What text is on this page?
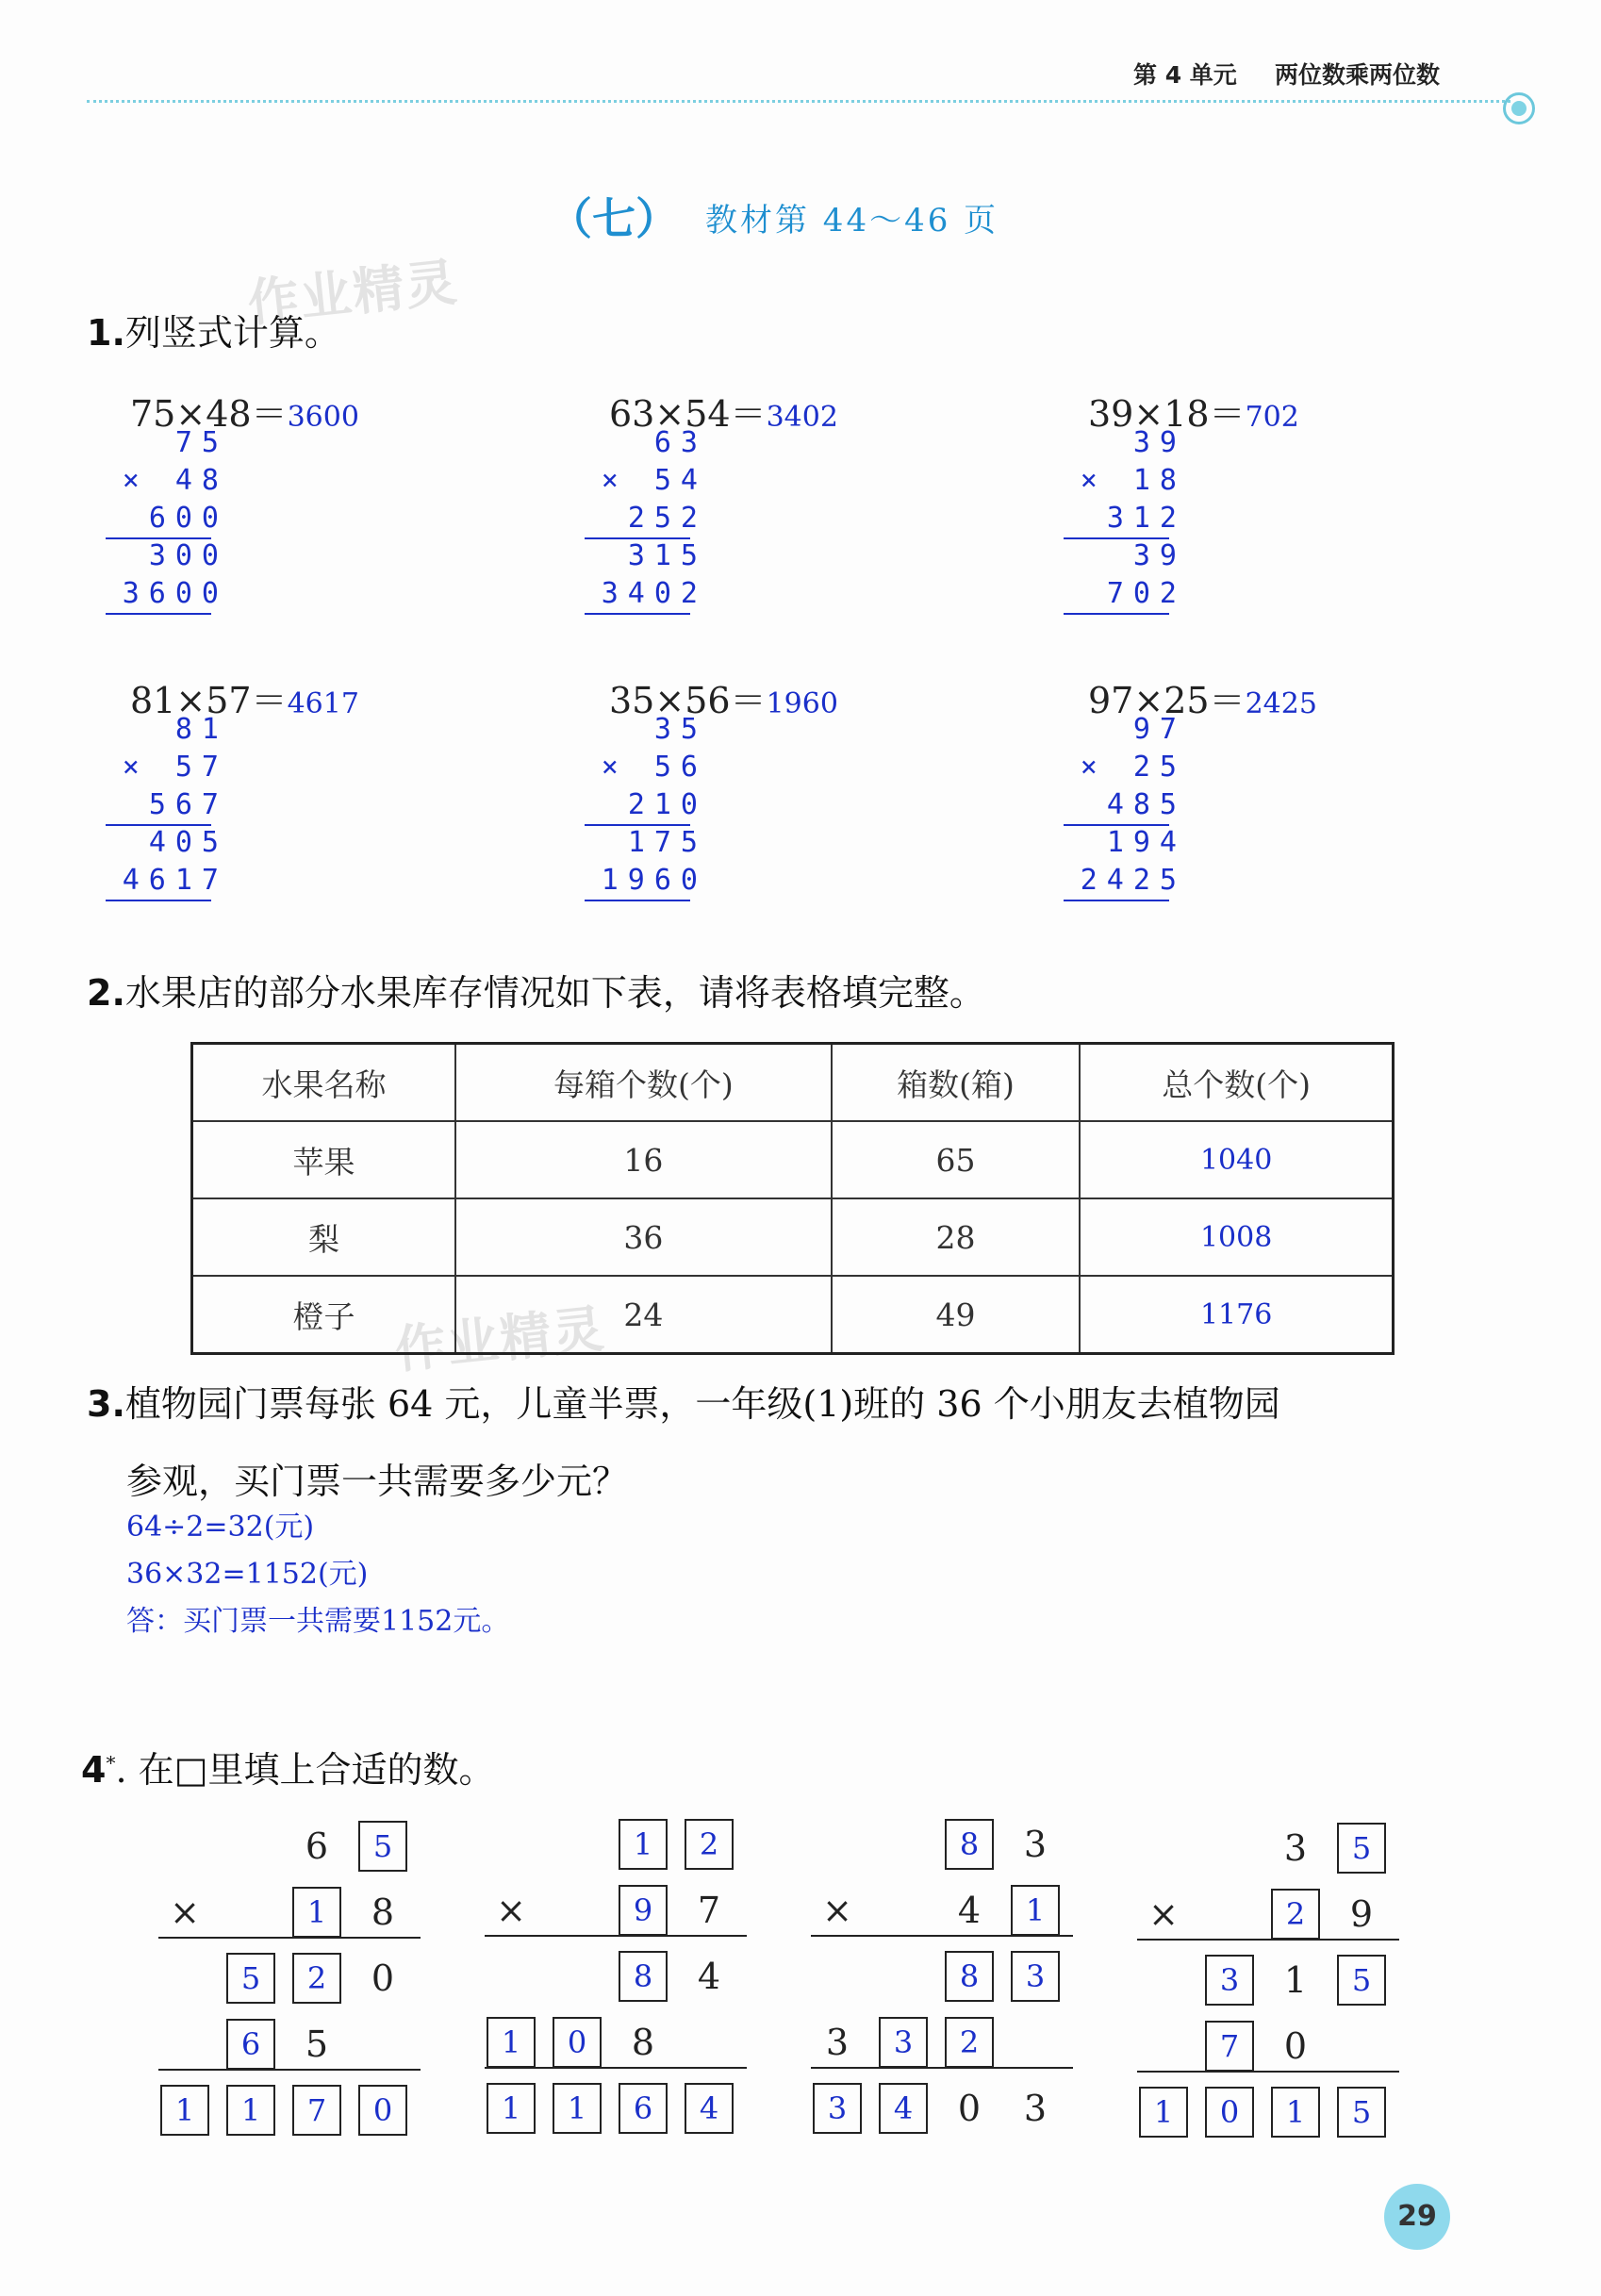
第 4 单元 两位数乘两位数
（七） 教材第 44～46 页
作业精灵
作业精灵
1.列竖式计算。
75×48＝3600
75
× 48
600
300
3600
63×54＝3402
63
× 54
252
315
3402
39×18＝702
39
× 18
312
39
702
81×57＝4617
81
× 57
567
405
4617
35×56＝1960
35
× 56
210
175
1960
97×25＝2425
97
× 25
485
194
2425
2.水果店的部分水果库存情况如下表，请将表格填完整。
水果名称	每箱个数(个)	箱数(箱)	总个数(个)
苹果	16	65	1040
梨	36	28	1008
橙子	24	49	1176
3.植物园门票每张 64 元，儿童半票，一年级(1)班的 36 个小朋友去植物园
参观，买门票一共需要多少元？
64÷2=32(元)
36×32=1152(元)
答：买门票一共需要1152元。
4*. 在□里填上合适的数。
6	5
×	1	8
5	2	0
6	5
1	1	7	0
1	2
×	9	7
8	4
1	0	8
1	1	6	4
8	3
×	4	1
8	3
3	3	2
3	4	0	3
3	5
×	2	9
3	1	5
7	0
1	0	1	5
29
